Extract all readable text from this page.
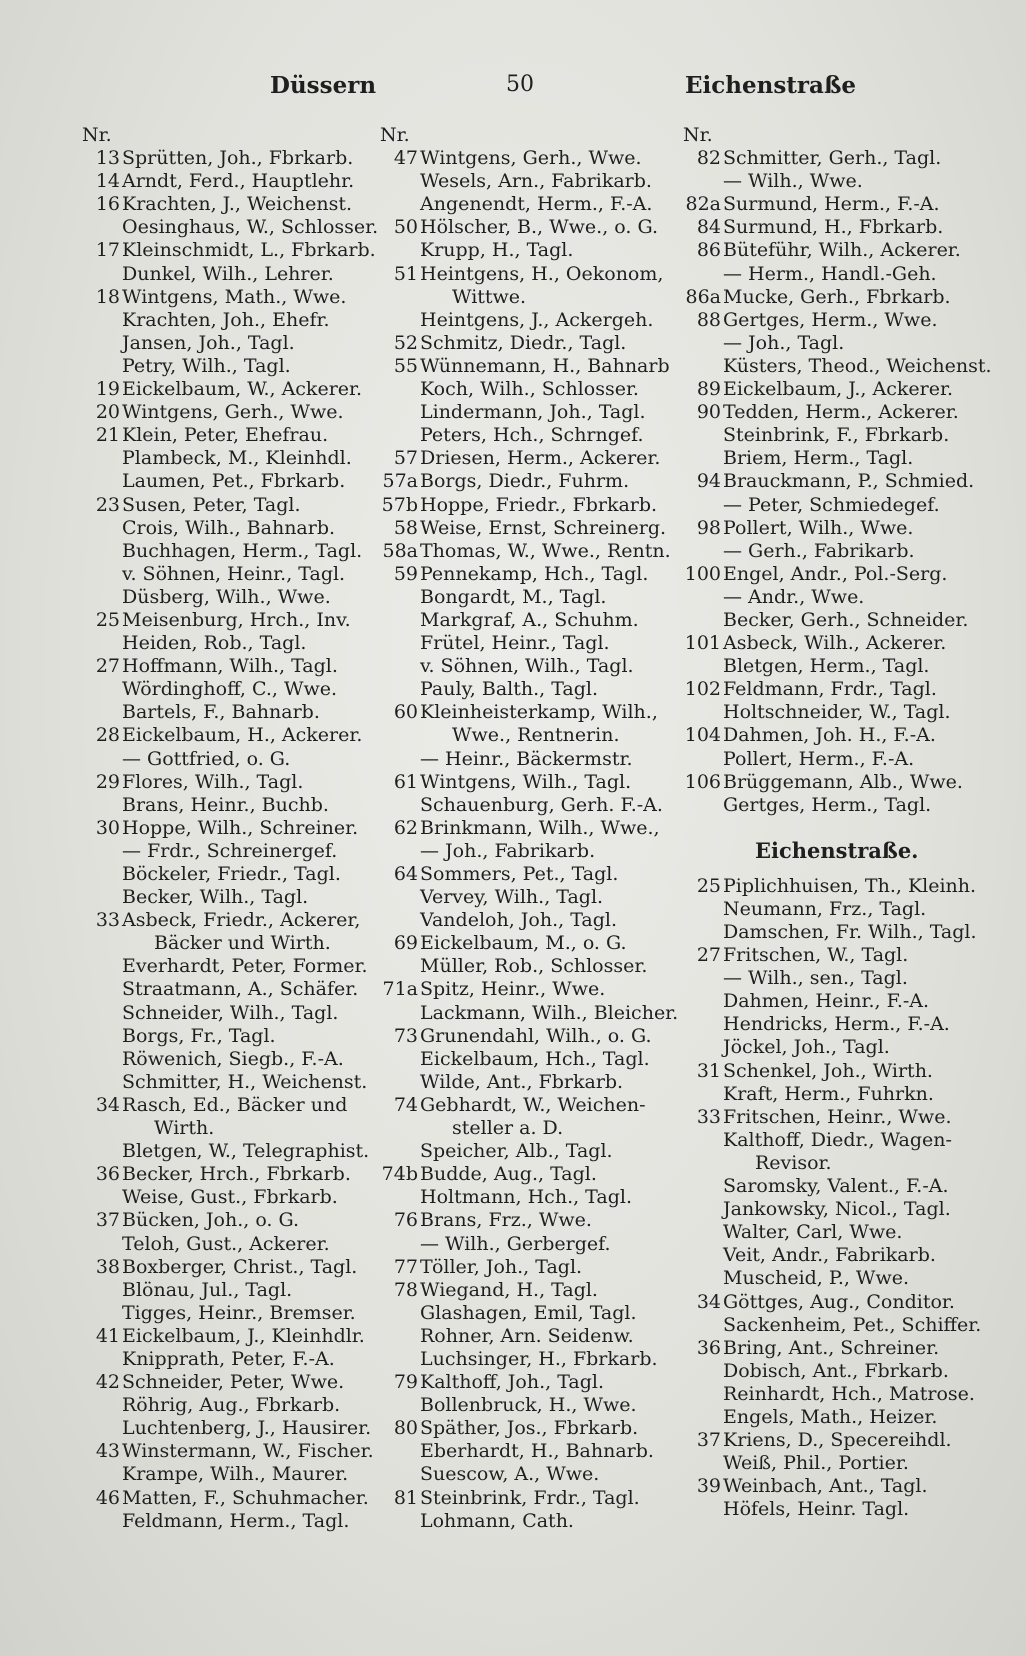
Düssern	50	Eichenstraße
Nr.
13 Sprütten, Joh., Fbrkarb.
14 Arndt, Ferd., Hauptlehr.
16 Krachten, J., Weichenst.
Oesinghaus, W., Schlosser.
17 Kleinschmidt, L., Fbrkarb.
Dunkel, Wilh., Lehrer.
18 Wintgens, Math., Wwe.
Krachten, Joh., Ehefr.
Jansen, Joh., Tagl.
Petry, Wilh., Tagl.
19 Eickelbaum, W., Ackerer.
20 Wintgens, Gerh., Wwe.
21 Klein, Peter, Ehefrau.
Plambeck, M., Kleinhdl.
Laumen, Pet., Fbrkarb.
23 Susen, Peter, Tagl.
Crois, Wilh., Bahnarb.
Buchhagen, Herm., Tagl.
v. Söhnen, Heinr., Tagl.
Düsberg, Wilh., Wwe.
25 Meisenburg, Hrch., Inv.
Heiden, Rob., Tagl.
27 Hoffmann, Wilh., Tagl.
Wördinghoff, C., Wwe.
Bartels, F., Bahnarb.
28 Eickelbaum, H., Ackerer.
— Gottfried, o. G.
29 Flores, Wilh., Tagl.
Brans, Heinr., Buchb.
30 Hoppe, Wilh., Schreiner.
— Frdr., Schreinergef.
Böckeler, Friedr., Tagl.
Becker, Wilh., Tagl.
33 Asbeck, Friedr., Ackerer,
Bäcker und Wirth.
Everhardt, Peter, Former.
Straatmann, A., Schäfer.
Schneider, Wilh., Tagl.
Borgs, Fr., Tagl.
Röwenich, Siegb., F.-A.
Schmitter, H., Weichenst.
34 Rasch, Ed., Bäcker und
Wirth.
Bletgen, W., Telegraphist.
36 Becker, Hrch., Fbrkarb.
Weise, Gust., Fbrkarb.
37 Bücken, Joh., o. G.
Teloh, Gust., Ackerer.
38 Boxberger, Christ., Tagl.
Blönau, Jul., Tagl.
Tigges, Heinr., Bremser.
41 Eickelbaum, J., Kleinhdlr.
Knipprath, Peter, F.-A.
42 Schneider, Peter, Wwe.
Röhrig, Aug., Fbrkarb.
Luchtenberg, J., Hausirer.
43 Winstermann, W., Fischer.
Krampe, Wilh., Maurer.
46 Matten, F., Schuhmacher.
Feldmann, Herm., Tagl.
Nr.
47 Wintgens, Gerh., Wwe.
Wesels, Arn., Fabrikarb.
Angenendt, Herm., F.-A.
50 Hölscher, B., Wwe., o. G.
Krupp, H., Tagl.
51 Heintgens, H., Oekonom,
Wittwe.
Heintgens, J., Ackergeh.
52 Schmitz, Diedr., Tagl.
55 Wünnemann, H., Bahnarb
Koch, Wilh., Schlosser.
Lindermann, Joh., Tagl.
Peters, Hch., Schrngef.
57 Driesen, Herm., Ackerer.
57a Borgs, Diedr., Fuhrm.
57b Hoppe, Friedr., Fbrkarb.
58 Weise, Ernst, Schreinerg.
58a Thomas, W., Wwe., Rentn.
59 Pennekamp, Hch., Tagl.
Bongardt, M., Tagl.
Markgraf, A., Schuhm.
Frütel, Heinr., Tagl.
v. Söhnen, Wilh., Tagl.
Pauly, Balth., Tagl.
60 Kleinheisterkamp, Wilh.,
Wwe., Rentnerin.
— Heinr., Bäckermstr.
61 Wintgens, Wilh., Tagl.
Schauenburg, Gerh. F.-A.
62 Brinkmann, Wilh., Wwe.,
— Joh., Fabrikarb.
64 Sommers, Pet., Tagl.
Vervey, Wilh., Tagl.
Vandeloh, Joh., Tagl.
69 Eickelbaum, M., o. G.
Müller, Rob., Schlosser.
71a Spitz, Heinr., Wwe.
Lackmann, Wilh., Bleicher.
73 Grunendahl, Wilh., o. G.
Eickelbaum, Hch., Tagl.
Wilde, Ant., Fbrkarb.
74 Gebhardt, W., Weichen-
steller a. D.
Speicher, Alb., Tagl.
74b Budde, Aug., Tagl.
Holtmann, Hch., Tagl.
76 Brans, Frz., Wwe.
— Wilh., Gerbergef.
77 Töller, Joh., Tagl.
78 Wiegand, H., Tagl.
Glashagen, Emil, Tagl.
Rohner, Arn. Seidenw.
Luchsinger, H., Fbrkarb.
79 Kalthoff, Joh., Tagl.
Bollenbruck, H., Wwe.
80 Späther, Jos., Fbrkarb.
Eberhardt, H., Bahnarb.
Suescow, A., Wwe.
81 Steinbrink, Frdr., Tagl.
Lohmann, Cath.
Nr.
82 Schmitter, Gerh., Tagl.
— Wilh., Wwe.
82a Surmund, Herm., F.-A.
84 Surmund, H., Fbrkarb.
86 Büteführ, Wilh., Ackerer.
— Herm., Handl.-Geh.
86a Mucke, Gerh., Fbrkarb.
88 Gertges, Herm., Wwe.
— Joh., Tagl.
Küsters, Theod., Weichenst.
89 Eickelbaum, J., Ackerer.
90 Tedden, Herm., Ackerer.
Steinbrink, F., Fbrkarb.
Briem, Herm., Tagl.
94 Brauckmann, P., Schmied.
— Peter, Schmiedegef.
98 Pollert, Wilh., Wwe.
— Gerh., Fabrikarb.
100 Engel, Andr., Pol.-Serg.
— Andr., Wwe.
Becker, Gerh., Schneider.
101 Asbeck, Wilh., Ackerer.
Bletgen, Herm., Tagl.
102 Feldmann, Frdr., Tagl.
Holtschneider, W., Tagl.
104 Dahmen, Joh. H., F.-A.
Pollert, Herm., F.-A.
106 Brüggemann, Alb., Wwe.
Gertges, Herm., Tagl.
Eichenstraße.
25 Piplichhuisen, Th., Kleinh.
Neumann, Frz., Tagl.
Damschen, Fr. Wilh., Tagl.
27 Fritschen, W., Tagl.
— Wilh., sen., Tagl.
Dahmen, Heinr., F.-A.
Hendricks, Herm., F.-A.
Jöckel, Joh., Tagl.
31 Schenkel, Joh., Wirth.
Kraft, Herm., Fuhrkn.
33 Fritschen, Heinr., Wwe.
Kalthoff, Diedr., Wagen-
Revisor.
Saromsky, Valent., F.-A.
Jankowsky, Nicol., Tagl.
Walter, Carl, Wwe.
Veit, Andr., Fabrikarb.
Muscheid, P., Wwe.
34 Göttges, Aug., Conditor.
Sackenheim, Pet., Schiffer.
36 Bring, Ant., Schreiner.
Dobisch, Ant., Fbrkarb.
Reinhardt, Hch., Matrose.
Engels, Math., Heizer.
37 Kriens, D., Specereihdl.
Weiß, Phil., Portier.
39 Weinbach, Ant., Tagl.
Höfels, Heinr. Tagl.
